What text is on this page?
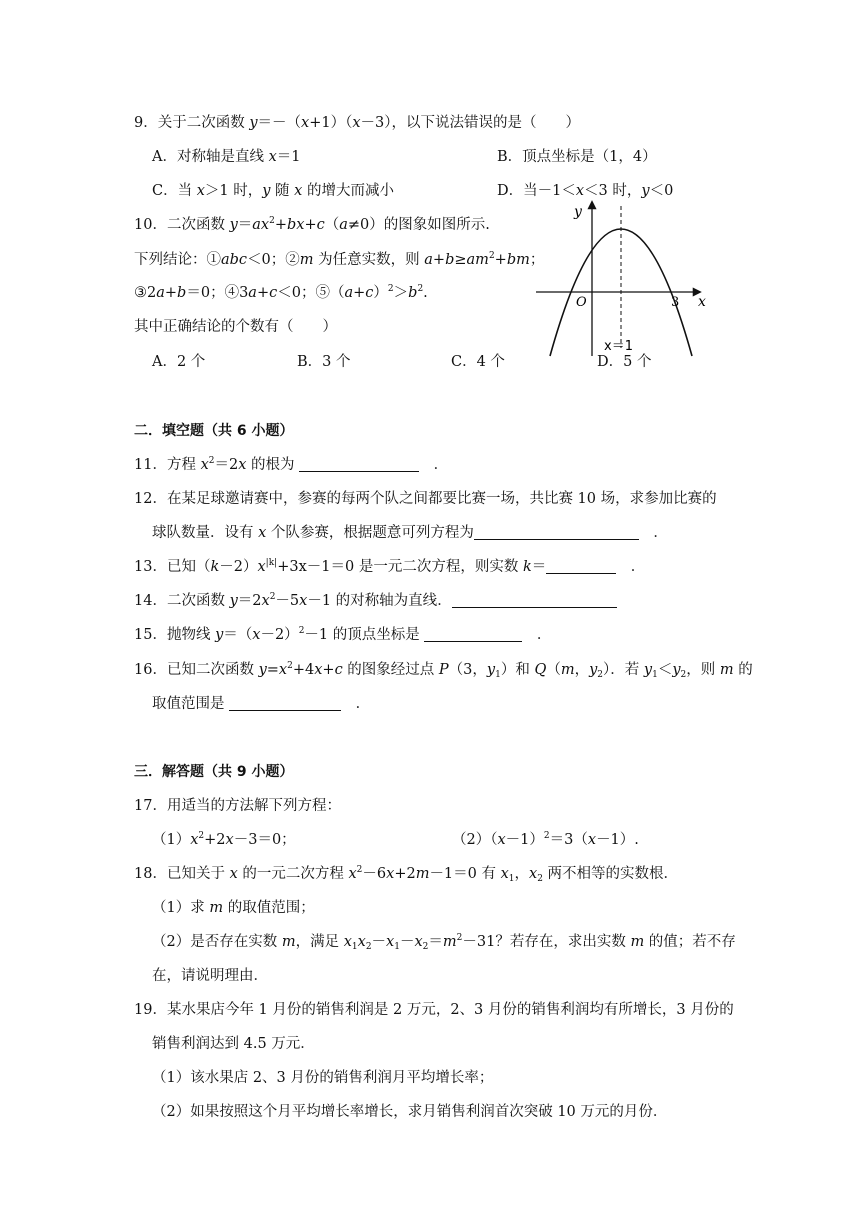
9．关于二次函数 y＝－（x+1）（x－3），以下说法错误的是（　　）
A．对称轴是直线 x＝1	B．顶点坐标是（1，4）
C．当 x＞1 时，y 随 x 的增大而减小	D．当－1＜x＜3 时，y＜0
10．二次函数 $y=ax^2+bx+c(a\ne 0)$的图象如图所示.
下列结论：①abc＜0；②m 为任意实数，则 $a+b\ge am^2+bm$；
③2a+b＝0；④3a+c＜0；$⑤(a+c)^2>b^2$.
其中正确结论的个数有（　　）
A．2 个	B．3 个	C．4 个	D．5 个
y
x
O	3
x＝1
二．填空题（共 6 小题）
11．方程 $x^2=2x$ 的根为 　	．
12．在某足球邀请赛中，参赛的每两个队之间都要比赛一场，共比赛 10 场，求参加比赛的
球队数量．设有 x 个队参赛，根据题意可列方程为　	．
13．已知$(k-2)x^{|k|}+3x-1=0$ 是一元二次方程，则实数 k＝　	．
14．二次函数 $y=2x^2-5x-1$ 的对称轴为直线．　
15．抛物线 $y=(x-2)^2-1$ 的顶点坐标是 　	．
16．已知二次函数 $y=x^2+4x+c$ 的图象经过点 P（3，$y_1$）和 Q（m，$y_2$）．若 $y_1<y_2$，则 m 的
取值范围是 　	．
三．解答题（共 9 小题）
17．用适当的方法解下列方程：
$(1)x^2+2x-3=0$；	$(2)(x-1)^2=3(x-1)$.
18．已知关于 x 的一元二次方程 $x^2-6x+2m-1=0$ 有 $x_1$，$x_2$ 两不相等的实数根．
（1）求 m 的取值范围；
（2）是否存在实数 m，满足 $x_1x_2-x_1-x_2=m^2-31$？若存在，求出实数 m 的值；若不存
在，请说明理由．
19．某水果店今年 1 月份的销售利润是 2 万元，2、3 月份的销售利润均有所增长，3 月份的
销售利润达到 4.5 万元．
（1）该水果店 2、3 月份的销售利润月平均增长率；
（2）如果按照这个月平均增长率增长，求月销售利润首次突破 10 万元的月份．
